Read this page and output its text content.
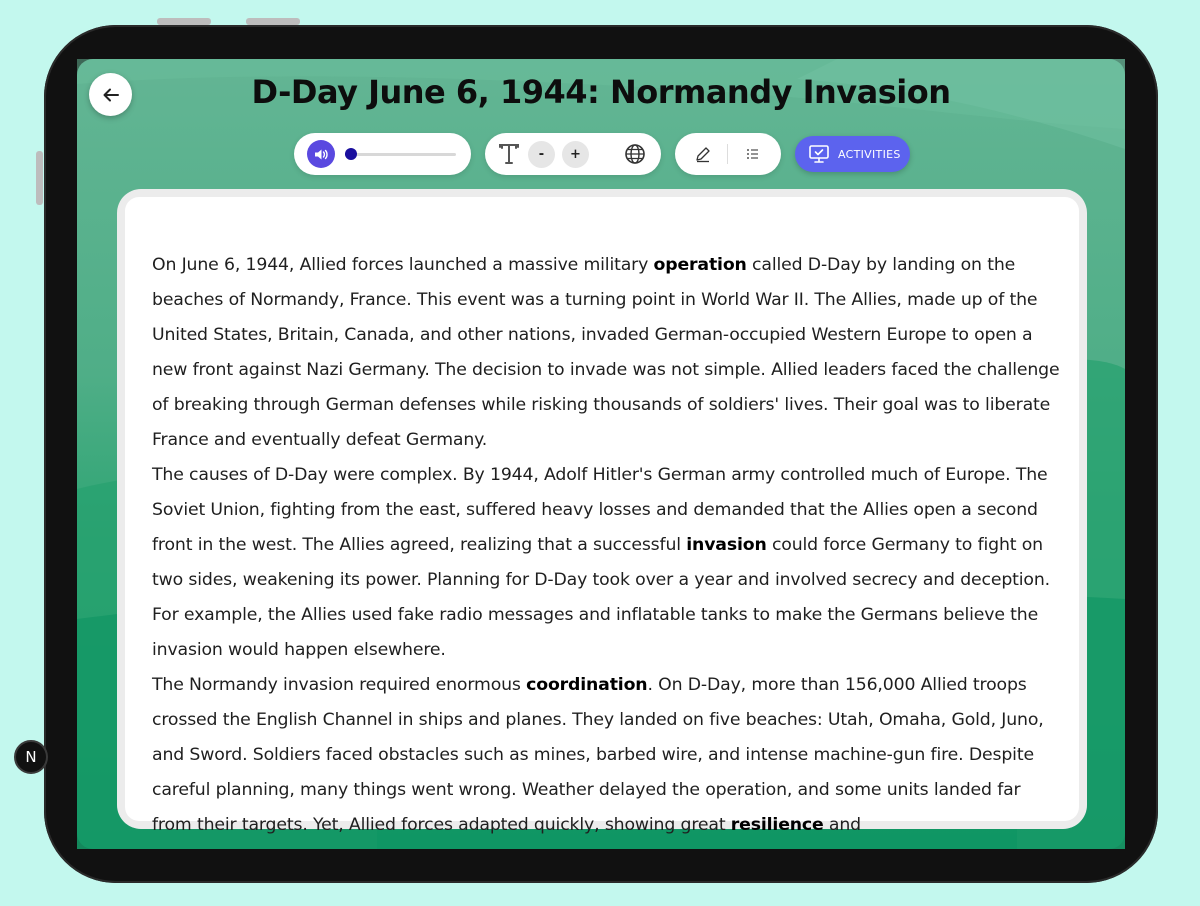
D-Day June 6, 1944: Normandy Invasion
-	+	ACTIVITIES

On June 6, 1944, Allied forces launched a massive military operation called D-Day by landing on the beaches of Normandy, France. This event was a turning point in World War II. The Allies, made up of the United States, Britain, Canada, and other nations, invaded German-occupied Western Europe to open a new front against Nazi Germany. The decision to invade was not simple. Allied leaders faced the challenge of breaking through German defenses while risking thousands of soldiers' lives. Their goal was to liberate France and eventually defeat Germany.

The causes of D-Day were complex. By 1944, Adolf Hitler's German army controlled much of Europe. The Soviet Union, fighting from the east, suffered heavy losses and demanded that the Allies open a second front in the west. The Allies agreed, realizing that a successful invasion could force Germany to fight on two sides, weakening its power. Planning for D-Day took over a year and involved secrecy and deception. For example, the Allies used fake radio messages and inflatable tanks to make the Germans believe the invasion would happen elsewhere.

The Normandy invasion required enormous coordination. On D-Day, more than 156,000 Allied troops crossed the English Channel in ships and planes. They landed on five beaches: Utah, Omaha, Gold, Juno, and Sword. Soldiers faced obstacles such as mines, barbed wire, and intense machine-gun fire. Despite careful planning, many things went wrong. Weather delayed the operation, and some units landed far from their targets. Yet, Allied forces adapted quickly, showing great resilience and

N
